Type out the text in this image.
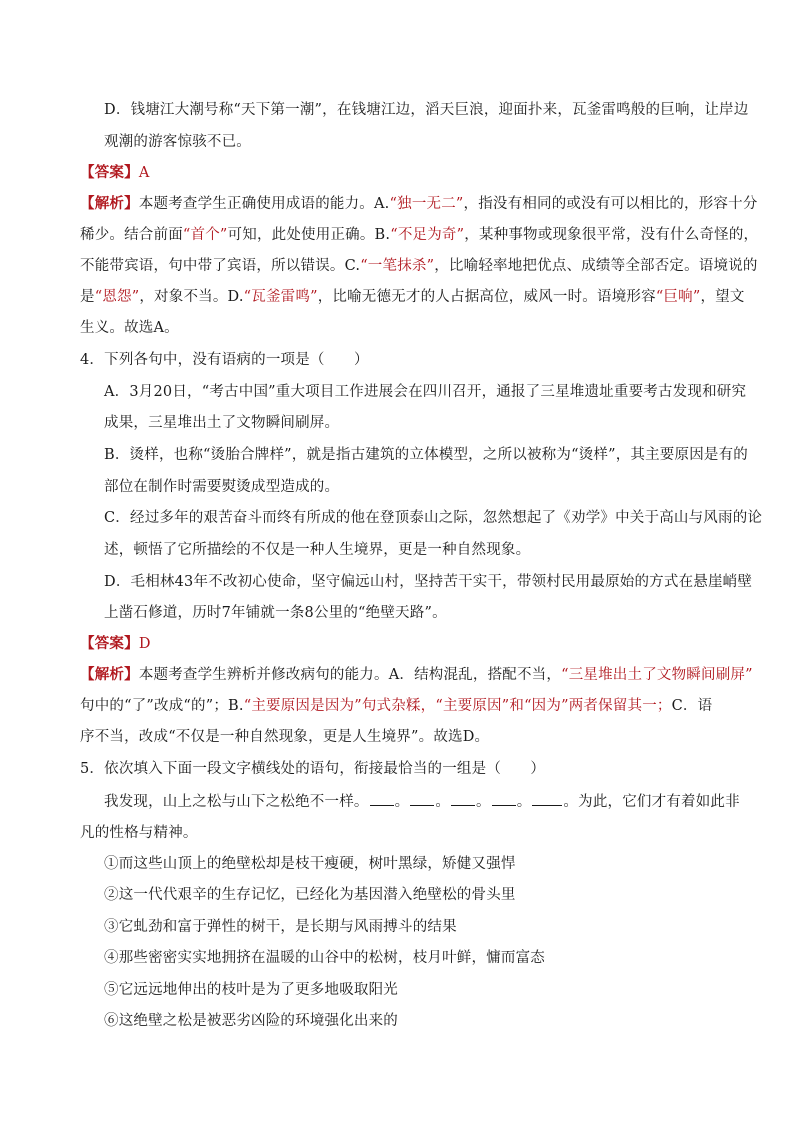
D．钱塘江大潮号称“天下第一潮”，在钱塘江边，滔天巨浪，迎面扑来，瓦釜雷鸣般的巨响，让岸边
观潮的游客惊骇不已。
【答案】A
【解析】本题考查学生正确使用成语的能力。A.“独一无二”，指没有相同的或没有可以相比的，形容十分
稀少。结合前面“首个”可知，此处使用正确。B.“不足为奇”，某种事物或现象很平常，没有什么奇怪的，
不能带宾语，句中带了宾语，所以错误。C.“一笔抹杀”，比喻轻率地把优点、成绩等全部否定。语境说的
是“恩怨”，对象不当。D.“瓦釜雷鸣”，比喻无德无才的人占据高位，威风一时。语境形容“巨响”，望文
生义。故选A。
4．下列各句中，没有语病的一项是（　　）
A．3月20日，“考古中国”重大项目工作进展会在四川召开，通报了三星堆遗址重要考古发现和研究
成果，三星堆出土了文物瞬间刷屏。
B．烫样，也称“烫胎合牌样”，就是指古建筑的立体模型，之所以被称为“烫样”，其主要原因是有的
部位在制作时需要熨烫成型造成的。
C．经过多年的艰苦奋斗而终有所成的他在登顶泰山之际，忽然想起了《劝学》中关于高山与风雨的论
述，顿悟了它所描绘的不仅是一种人生境界，更是一种自然现象。
D．毛相林43年不改初心使命，坚守偏远山村，坚持苦干实干，带领村民用最原始的方式在悬崖峭壁
上凿石修道，历时7年铺就一条8公里的“绝壁天路”。
【答案】D
【解析】本题考查学生辨析并修改病句的能力。A．结构混乱，搭配不当，“三星堆出土了文物瞬间刷屏”
句中的“了”改成“的”；B.“主要原因是因为”句式杂糅，“主要原因”和“因为”两者保留其一；C．语
序不当，改成“不仅是一种自然现象，更是人生境界”。故选D。
5．依次填入下面一段文字横线处的语句，衔接最恰当的一组是（　　）
我发现，山上之松与山下之松绝不一样。 。 。 。 。 。为此，它们才有着如此非
凡的性格与精神。
①而这些山顶上的绝壁松却是枝干瘦硬，树叶黑绿，矫健又强悍
②这一代代艰辛的生存记忆，已经化为基因潜入绝壁松的骨头里
③它虬劲和富于弹性的树干，是长期与风雨搏斗的结果
④那些密密实实地拥挤在温暖的山谷中的松树，枝月叶鲜，慵而富态
⑤它远远地伸出的枝叶是为了更多地吸取阳光
⑥这绝壁之松是被恶劣凶险的环境强化出来的
